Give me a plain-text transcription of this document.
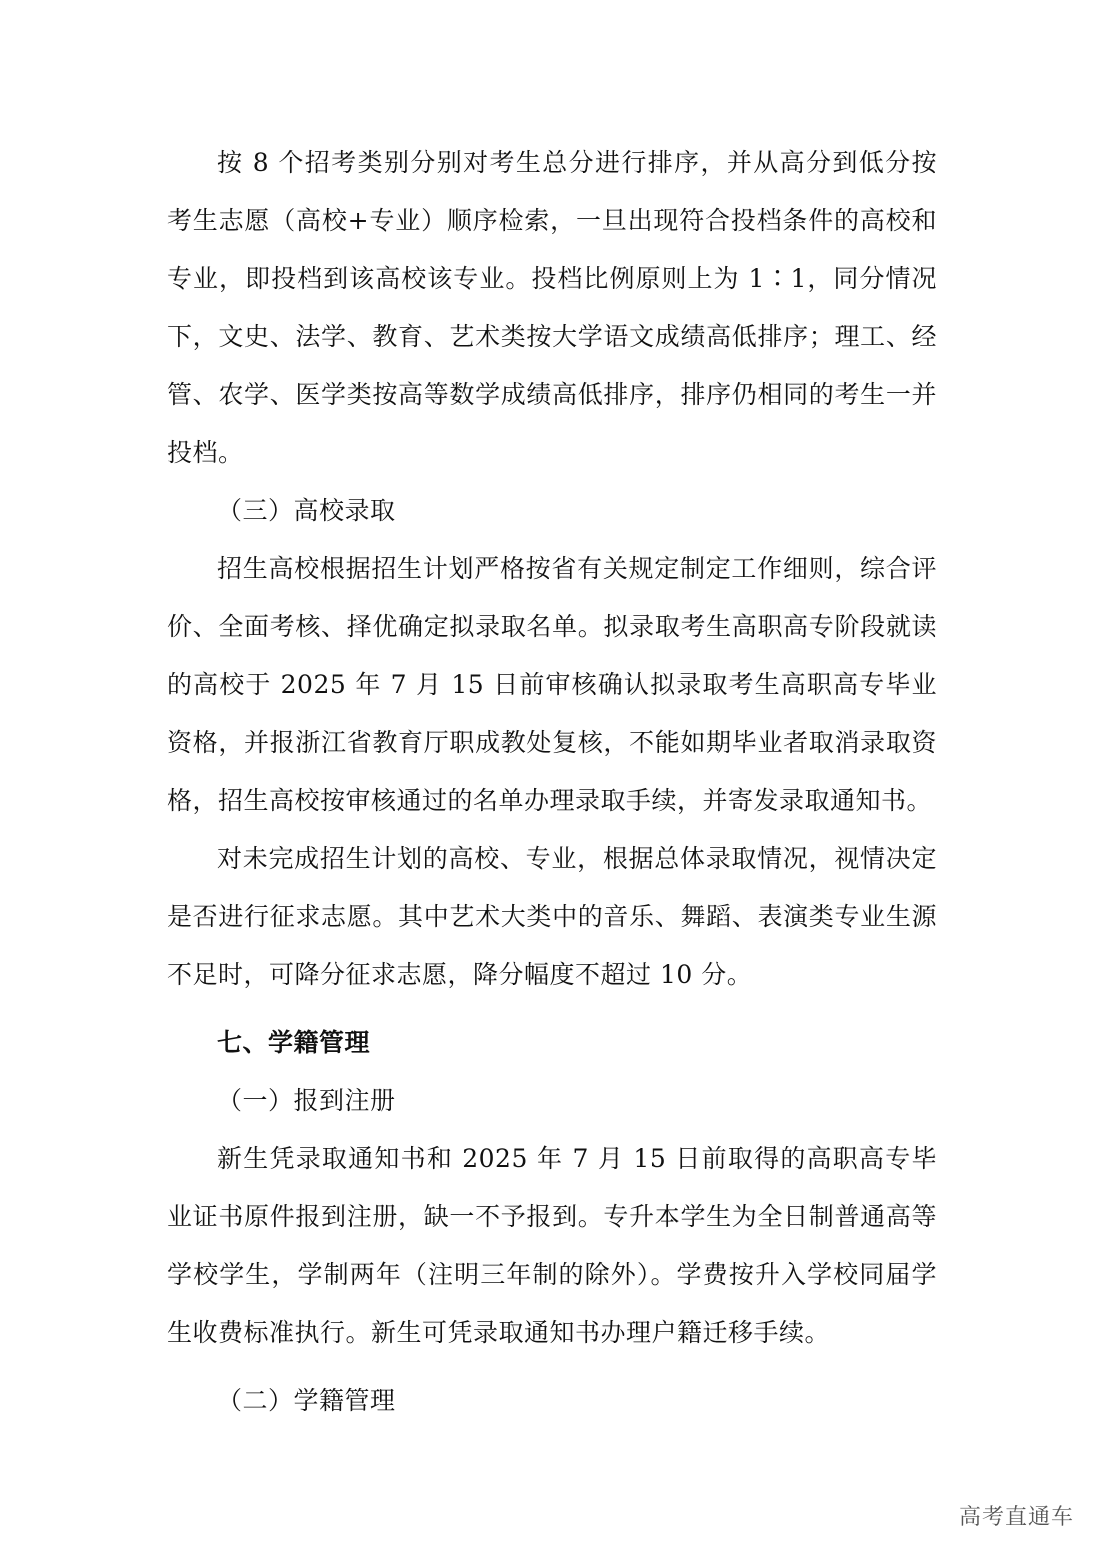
按 8 个招考类别分别对考生总分进行排序，并从高分到低分按考生志愿（高校+专业）顺序检索，一旦出现符合投档条件的高校和专业，即投档到该高校该专业。投档比例原则上为 1∶1，同分情况下，文史、法学、教育、艺术类按大学语文成绩高低排序；理工、经管、农学、医学类按高等数学成绩高低排序，排序仍相同的考生一并投档。

（三）高校录取

招生高校根据招生计划严格按省有关规定制定工作细则，综合评价、全面考核、择优确定拟录取名单。拟录取考生高职高专阶段就读的高校于 2025 年 7 月 15 日前审核确认拟录取考生高职高专毕业资格，并报浙江省教育厅职成教处复核，不能如期毕业者取消录取资格，招生高校按审核通过的名单办理录取手续，并寄发录取通知书。

对未完成招生计划的高校、专业，根据总体录取情况，视情决定是否进行征求志愿。其中艺术大类中的音乐、舞蹈、表演类专业生源不足时，可降分征求志愿，降分幅度不超过 10 分。

七、学籍管理

（一）报到注册

新生凭录取通知书和 2025 年 7 月 15 日前取得的高职高专毕业证书原件报到注册，缺一不予报到。专升本学生为全日制普通高等学校学生，学制两年（注明三年制的除外）。学费按升入学校同届学生收费标准执行。新生可凭录取通知书办理户籍迁移手续。

（二）学籍管理

高考直通车
